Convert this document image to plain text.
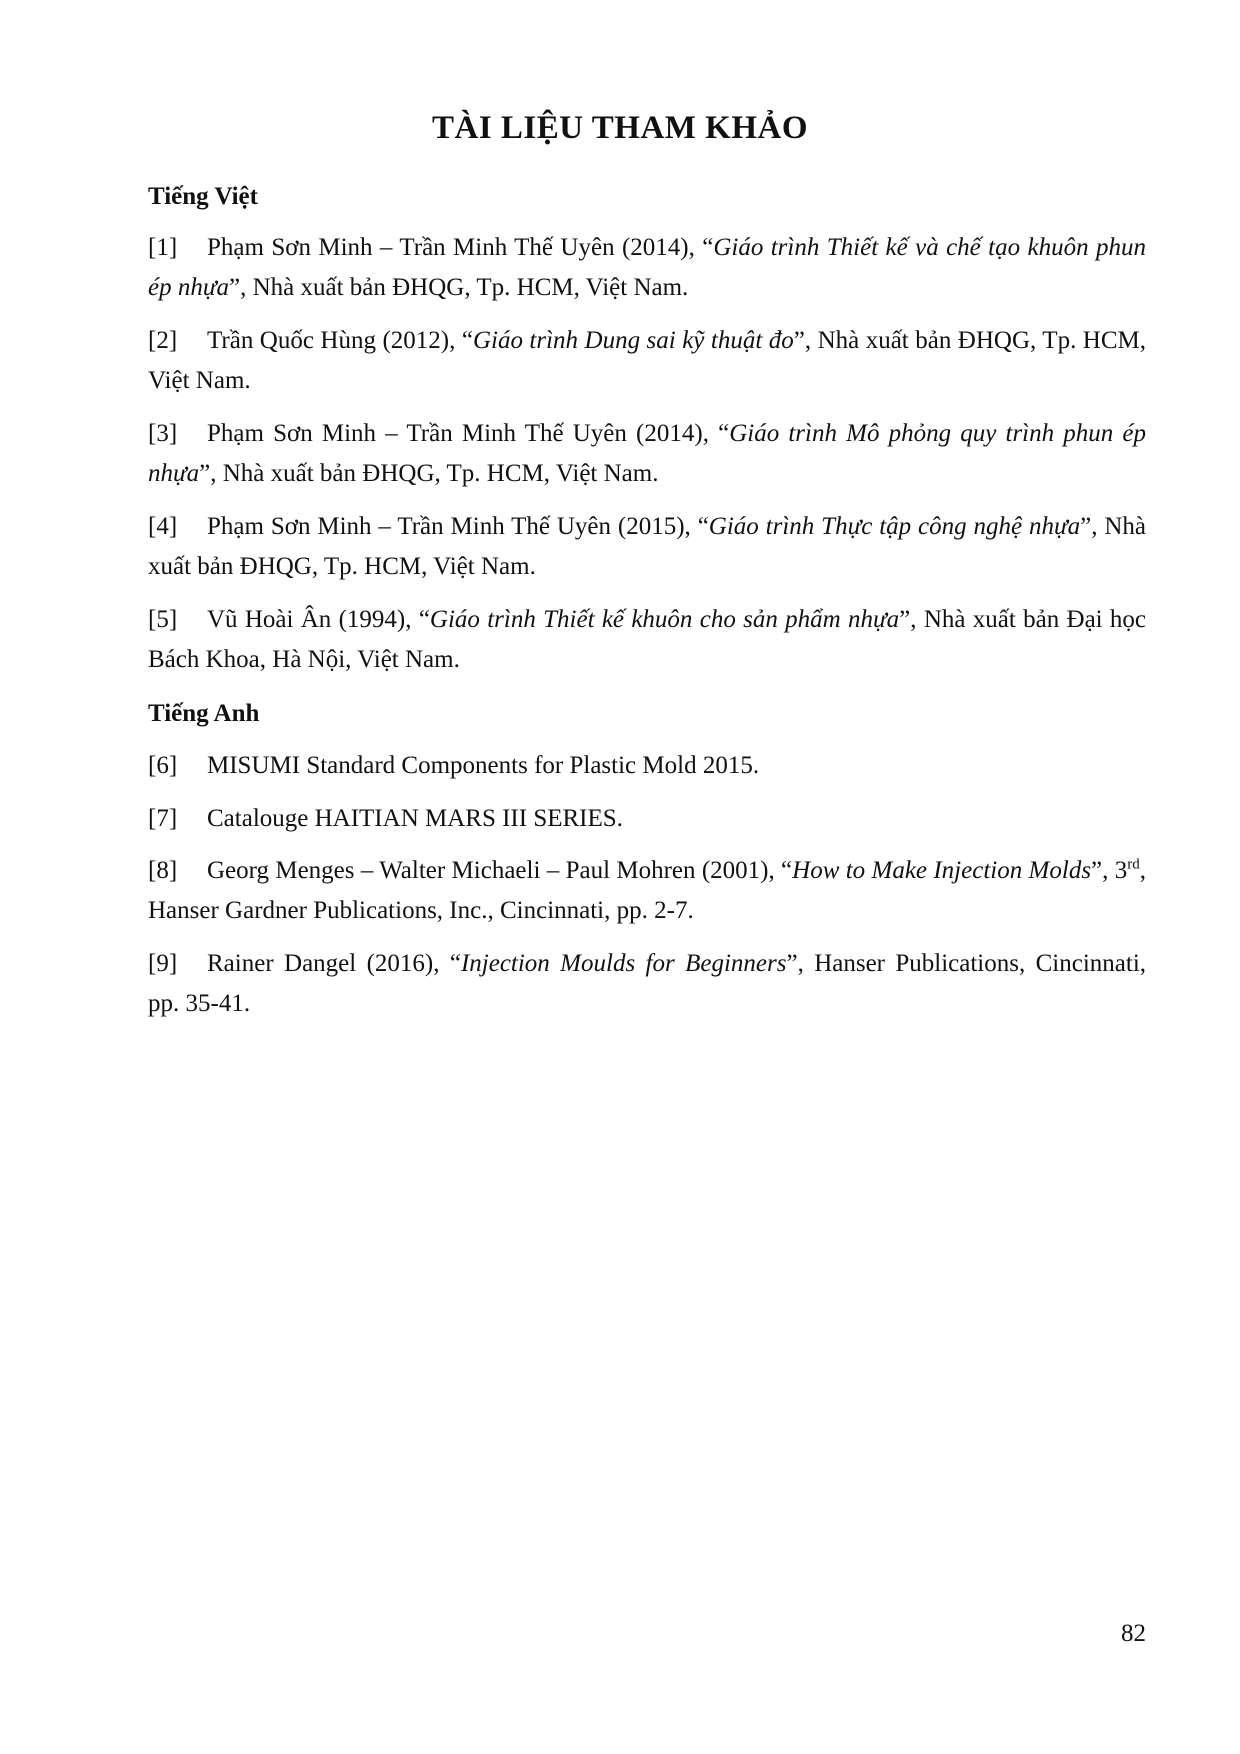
TÀI LIỆU THAM KHẢO
Tiếng Việt
[1] Phạm Sơn Minh – Trần Minh Thế Uyên (2014), “Giáo trình Thiết kế và chế tạo khuôn phun ép nhựa”, Nhà xuất bản ĐHQG, Tp. HCM, Việt Nam.
[2] Trần Quốc Hùng (2012), “Giáo trình Dung sai kỹ thuật đo”, Nhà xuất bản ĐHQG, Tp. HCM, Việt Nam.
[3] Phạm Sơn Minh – Trần Minh Thế Uyên (2014), “Giáo trình Mô phỏng quy trình phun ép nhựa”, Nhà xuất bản ĐHQG, Tp. HCM, Việt Nam.
[4] Phạm Sơn Minh – Trần Minh Thế Uyên (2015), “Giáo trình Thực tập công nghệ nhựa”, Nhà xuất bản ĐHQG, Tp. HCM, Việt Nam.
[5] Vũ Hoài Ân (1994), “Giáo trình Thiết kế khuôn cho sản phẩm nhựa”, Nhà xuất bản Đại học Bách Khoa, Hà Nội, Việt Nam.
Tiếng Anh
[6] MISUMI Standard Components for Plastic Mold 2015.
[7] Catalouge HAITIAN MARS III SERIES.
[8] Georg Menges – Walter Michaeli – Paul Mohren (2001), “How to Make Injection Molds”, 3rd, Hanser Gardner Publications, Inc., Cincinnati, pp. 2-7.
[9] Rainer Dangel (2016), “Injection Moulds for Beginners”, Hanser Publications, Cincinnati, pp. 35-41.
82
